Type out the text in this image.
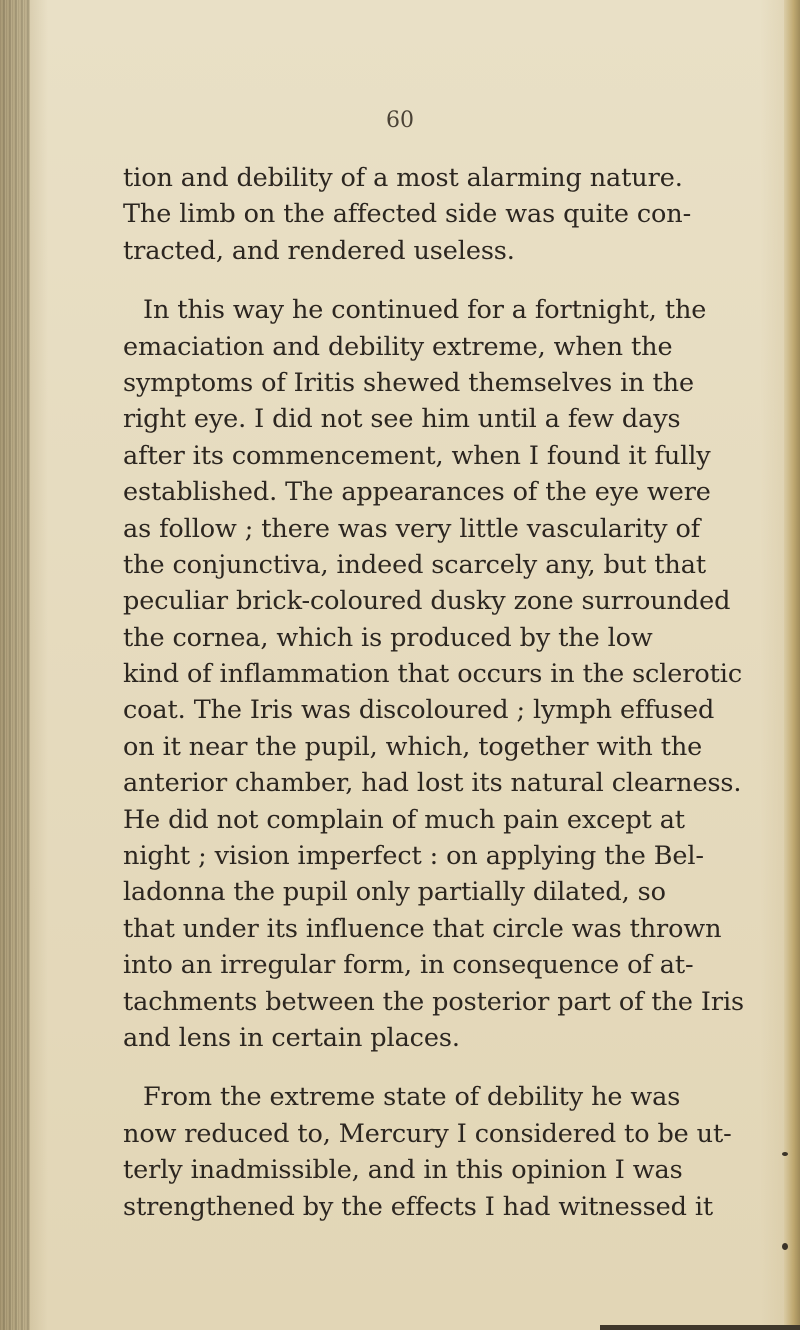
60
tion and debility of a most alarming nature.
The limb on the affected side was quite con-
tracted, and rendered useless.
In this way he continued for a fortnight, the
emaciation and debility extreme, when the
symptoms of Iritis shewed themselves in the
right eye. I did not see him until a few days
after its commencement, when I found it fully
established. The appearances of the eye were
as follow ; there was very little vascularity of
the conjunctiva, indeed scarcely any, but that
peculiar brick-coloured dusky zone surrounded
the cornea, which is produced by the low
kind of inflammation that occurs in the sclerotic
coat. The Iris was discoloured ; lymph effused
on it near the pupil, which, together with the
anterior chamber, had lost its natural clearness.
He did not complain of much pain except at
night ; vision imperfect : on applying the Bel-
ladonna the pupil only partially dilated, so
that under its influence that circle was thrown
into an irregular form, in consequence of at-
tachments between the posterior part of the Iris
and lens in certain places.
From the extreme state of debility he was
now reduced to, Mercury I considered to be ut-
terly inadmissible, and in this opinion I was
strengthened by the effects I had witnessed it
